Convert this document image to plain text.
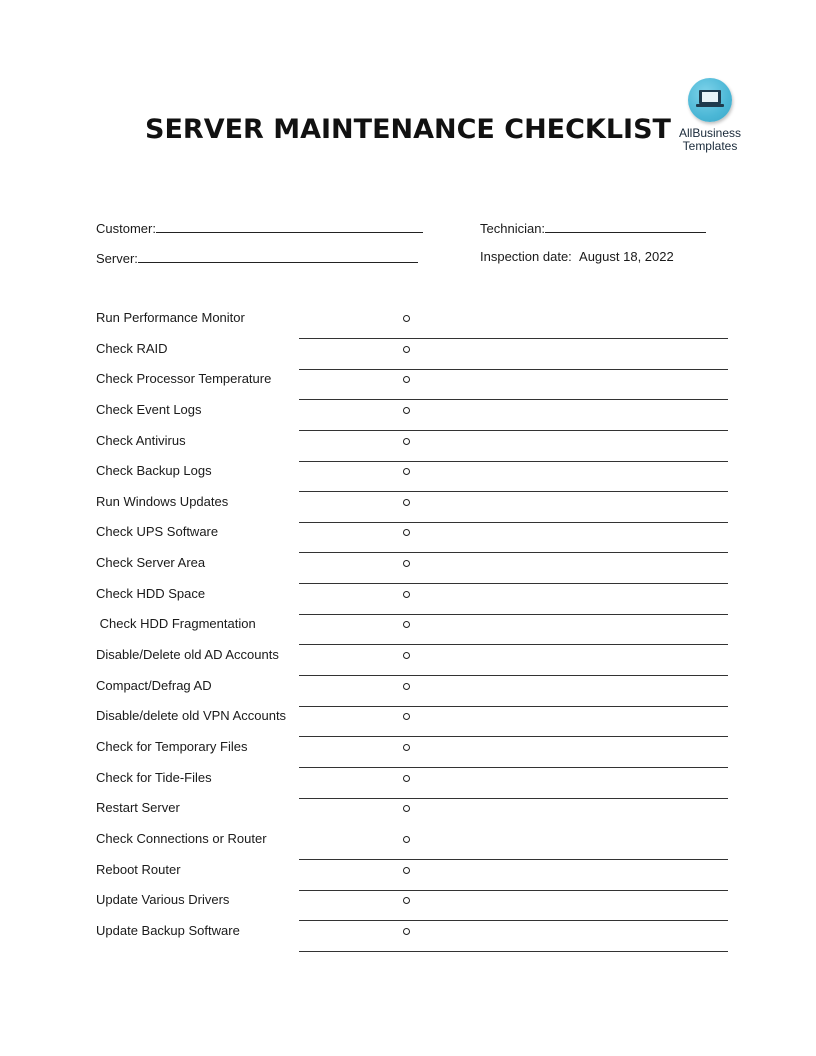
SERVER MAINTENANCE CHECKLIST AllBusiness
Templates
Customer:
Server:
Technician:
Inspection date: August 18, 2022
Run Performance Monitor
Check RAID
Check Processor Temperature
Check Event Logs
Check Antivirus
Check Backup Logs
Run Windows Updates
Check UPS Software
Check Server Area
Check HDD Space
Check HDD Fragmentation
Disable/Delete old AD Accounts
Compact/Defrag AD
Disable/delete old VPN Accounts
Check for Temporary Files
Check for Tide-Files
Restart Server
Check Connections or Router
Reboot Router
Update Various Drivers
Update Backup Software
